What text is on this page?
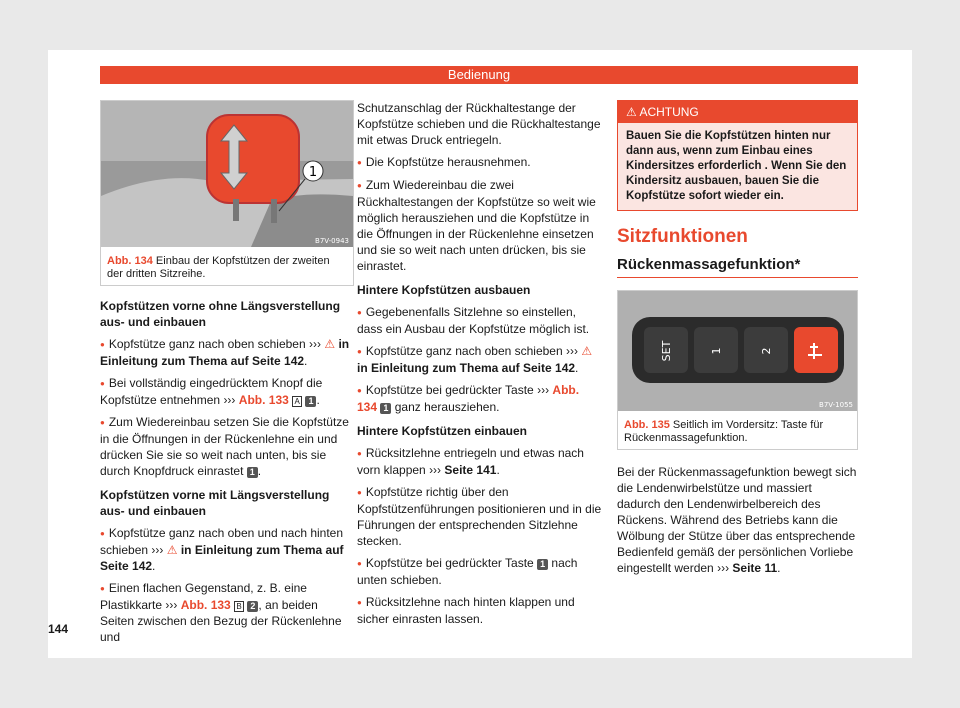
Bedienung
1
B7V-0943
Abb. 134 Einbau der Kopfstützen der zweiten der dritten Sitzreihe.

Kopfstützen vorne ohne Längsverstellung aus- und einbauen

● Kopfstütze ganz nach oben schieben ››› ⚠ in Einleitung zum Thema auf Seite 142.

● Bei vollständig eingedrücktem Knopf die Kopfstütze entnehmen ››› Abb. 133 A 1 .

● Zum Wiedereinbau setzen Sie die Kopfstütze in die Öffnungen in der Rückenlehne ein und drücken Sie sie so weit nach unten, bis sie durch Knopfdruck einrastet 1 .

Kopfstützen vorne mit Längsverstellung aus- und einbauen

● Kopfstütze ganz nach oben und nach hinten schieben ››› ⚠ in Einleitung zum Thema auf Seite 142.

● Einen flachen Gegenstand, z. B. eine Plastikkarte ››› Abb. 133 B 2 , an beiden Seiten zwischen den Bezug der Rückenlehne und

Schutzanschlag der Rückhaltestange der Kopfstütze schieben und die Rückhaltestange mit etwas Druck entriegeln.

● Die Kopfstütze herausnehmen.

● Zum Wiedereinbau die zwei Rückhaltestangen der Kopfstütze so weit wie möglich herausziehen und die Kopfstütze in die Öffnungen in der Rückenlehne einsetzen und sie so weit nach unten drücken, bis sie einrastet.

Hintere Kopfstützen ausbauen

● Gegebenenfalls Sitzlehne so einstellen, dass ein Ausbau der Kopfstütze möglich ist.

● Kopfstütze ganz nach oben schieben ››› ⚠ in Einleitung zum Thema auf Seite 142.

● Kopfstütze bei gedrückter Taste ››› Abb. 134 1 ganz herausziehen.

Hintere Kopfstützen einbauen

● Rücksitzlehne entriegeln und etwas nach vorn klappen ››› Seite 141.

● Kopfstütze richtig über den Kopfstützenführungen positionieren und in die Führungen der entsprechenden Sitzlehne stecken.

● Kopfstütze bei gedrückter Taste 1 nach unten schieben.

● Rücksitzlehne nach hinten klappen und sicher einrasten lassen.

⚠ ACHTUNG
Bauen Sie die Kopfstützen hinten nur dann aus, wenn zum Einbau eines Kindersitzes erforderlich . Wenn Sie den Kindersitz ausbauen, bauen Sie die Kopfstütze sofort wieder ein.
Sitzfunktionen
Rückenmassagefunktion*
SET	1	2
B7V-1055
Abb. 135 Seitlich im Vordersitz: Taste für Rückenmassagefunktion.

Bei der Rückenmassagefunktion bewegt sich die Lendenwirbelstütze und massiert dadurch den Lendenwirbelbereich des Rückens. Während des Betriebs kann die Wölbung der Stütze über das entsprechende Bedienfeld gemäß der persönlichen Vorliebe eingestellt werden ››› Seite 11.

144
